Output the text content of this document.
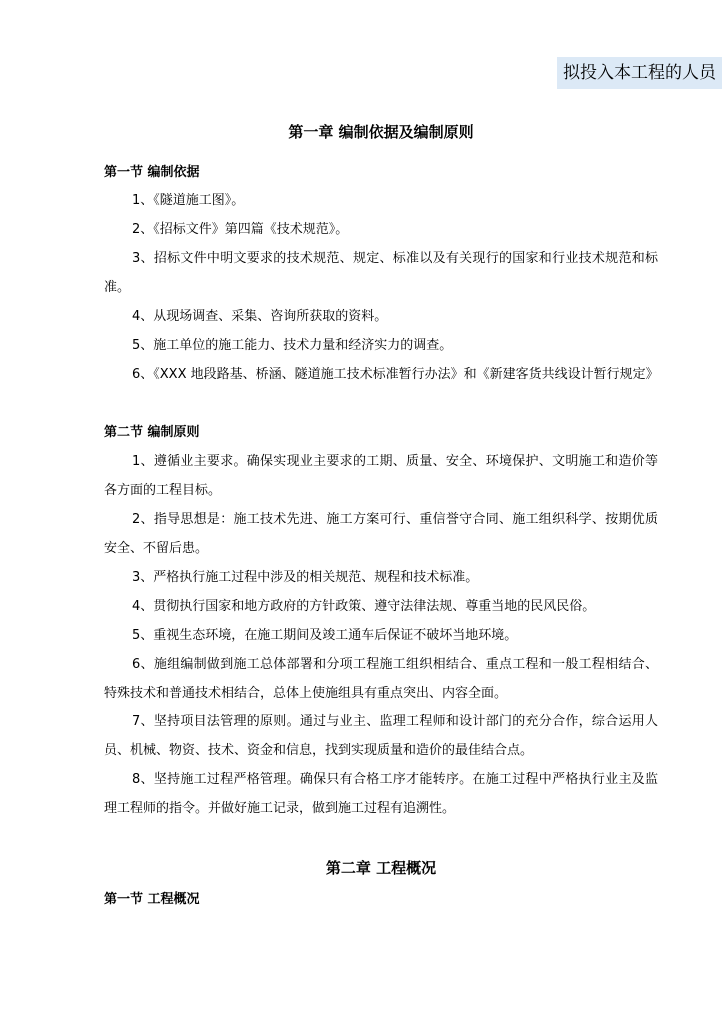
拟投入本工程的人员
第一章 编制依据及编制原则
第一节 编制依据

1、《隧道施工图》。

2、《招标文件》第四篇《技术规范》。

3、招标文件中明文要求的技术规范、规定、标准以及有关现行的国家和行业技术规范和标准。

4、从现场调查、采集、咨询所获取的资料。

5、施工单位的施工能力、技术力量和经济实力的调查。

6、《XXX 地段路基、桥涵、隧道施工技术标准暂行办法》和《新建客货共线设计暂行规定》

第二节 编制原则

1、遵循业主要求。确保实现业主要求的工期、质量、安全、环境保护、文明施工和造价等各方面的工程目标。

2、指导思想是：施工技术先进、施工方案可行、重信誉守合同、施工组织科学、按期优质安全、不留后患。

3、严格执行施工过程中涉及的相关规范、规程和技术标准。

4、贯彻执行国家和地方政府的方针政策、遵守法律法规、尊重当地的民风民俗。

5、重视生态环境，在施工期间及竣工通车后保证不破坏当地环境。

6、施组编制做到施工总体部署和分项工程施工组织相结合、重点工程和一般工程相结合、特殊技术和普通技术相结合，总体上使施组具有重点突出、内容全面。

7、坚持项目法管理的原则。通过与业主、监理工程师和设计部门的充分合作，综合运用人员、机械、物资、技术、资金和信息，找到实现质量和造价的最佳结合点。

8、坚持施工过程严格管理。确保只有合格工序才能转序。在施工过程中严格执行业主及监理工程师的指令。并做好施工记录，做到施工过程有追溯性。

第二章 工程概况
第一节 工程概况
